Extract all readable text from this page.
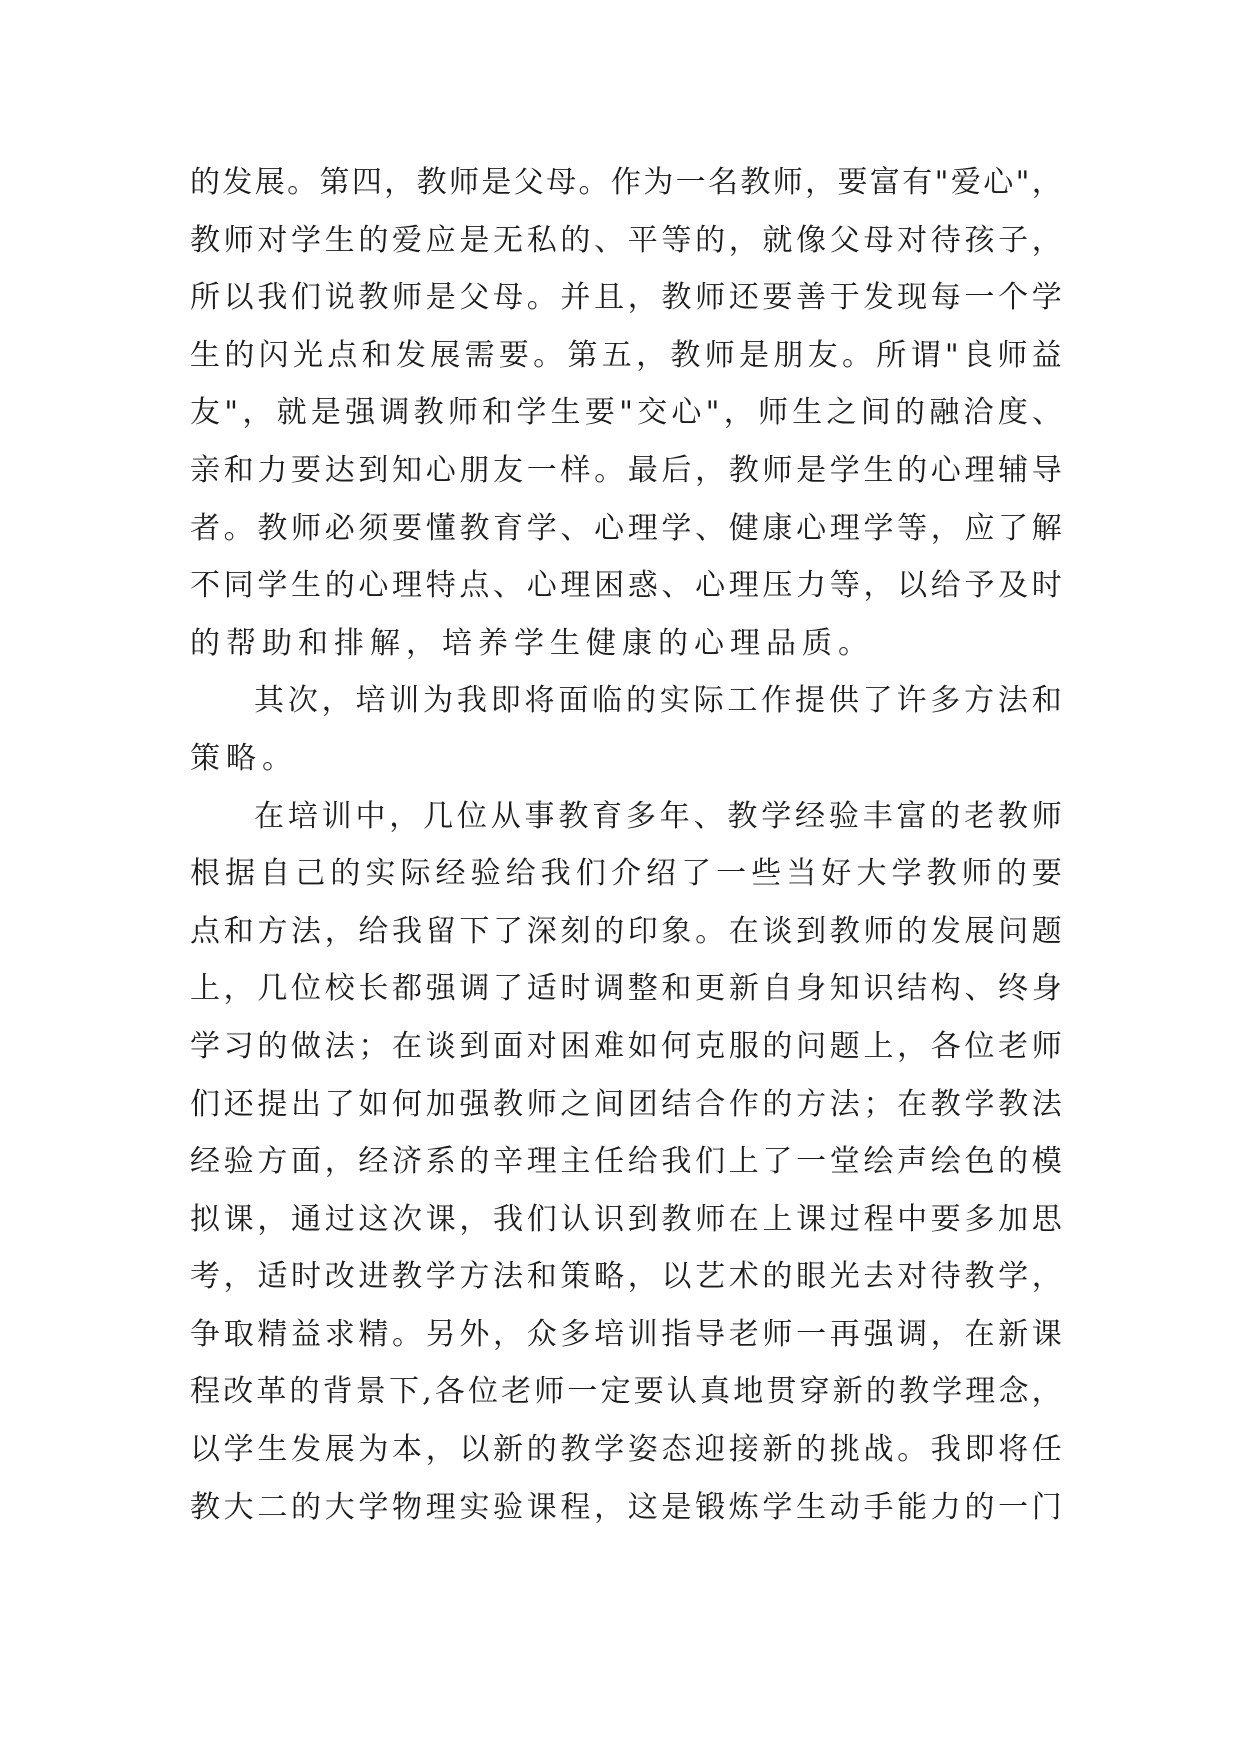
的 发 展 。 第 四 ， 教 师 是 父 母 。 作 为 一 名 教 师 ， 要 富 有 " 爱 心 " ，
教 师 对 学 生 的 爱 应 是 无 私 的 、 平 等 的 ， 就 像 父 母 对 待 孩 子 ，
所 以 我 们 说 教 师 是 父 母 。 并 且 ， 教 师 还 要 善 于 发 现 每 一 个 学
生 的 闪 光 点 和 发 展 需 要 。 第 五 ， 教 师 是 朋 友 。 所 谓 " 良 师 益
友 " ， 就 是 强 调 教 师 和 学 生 要 " 交 心 " ， 师 生 之 间 的 融 洽 度 、
亲 和 力 要 达 到 知 心 朋 友 一 样 。 最 后 ， 教 师 是 学 生 的 心 理 辅 导
者 。 教 师 必 须 要 懂 教 育 学 、 心 理 学 、 健 康 心 理 学 等 ， 应 了 解
不 同 学 生 的 心 理 特 点 、 心 理 困 惑 、 心 理 压 力 等 ， 以 给 予 及 时
的帮助和排解，培养学生健康的心理品质。
其 次 ， 培 训 为 我 即 将 面 临 的 实 际 工 作 提 供 了 许 多 方 法 和
策略。
在 培 训 中 ， 几 位 从 事 教 育 多 年 、 教 学 经 验 丰 富 的 老 教 师
根 据 自 己 的 实 际 经 验 给 我 们 介 绍 了 一 些 当 好 大 学 教 师 的 要
点 和 方 法 ， 给 我 留 下 了 深 刻 的 印 象 。 在 谈 到 教 师 的 发 展 问 题
上 ， 几 位 校 长 都 强 调 了 适 时 调 整 和 更 新 自 身 知 识 结 构 、 终 身
学 习 的 做 法 ； 在 谈 到 面 对 困 难 如 何 克 服 的 问 题 上 ， 各 位 老 师
们 还 提 出 了 如 何 加 强 教 师 之 间 团 结 合 作 的 方 法 ； 在 教 学 教 法
经 验 方 面 ， 经 济 系 的 辛 理 主 任 给 我 们 上 了 一 堂 绘 声 绘 色 的 模
拟 课 ， 通 过 这 次 课 ， 我 们 认 识 到 教 师 在 上 课 过 程 中 要 多 加 思
考 ， 适 时 改 进 教 学 方 法 和 策 略 ， 以 艺 术 的 眼 光 去 对 待 教 学 ，
争 取 精 益 求 精 。 另 外 ， 众 多 培 训 指 导 老 师 一 再 强 调 ， 在 新 课
程 改 革 的 背 景 下 , 各 位 老 师 一 定 要 认 真 地 贯 穿 新 的 教 学 理 念 ，
以 学 生 发 展 为 本 ， 以 新 的 教 学 姿 态 迎 接 新 的 挑 战 。 我 即 将 任
教 大 二 的 大 学 物 理 实 验 课 程 ， 这 是 锻 炼 学 生 动 手 能 力 的 一 门
